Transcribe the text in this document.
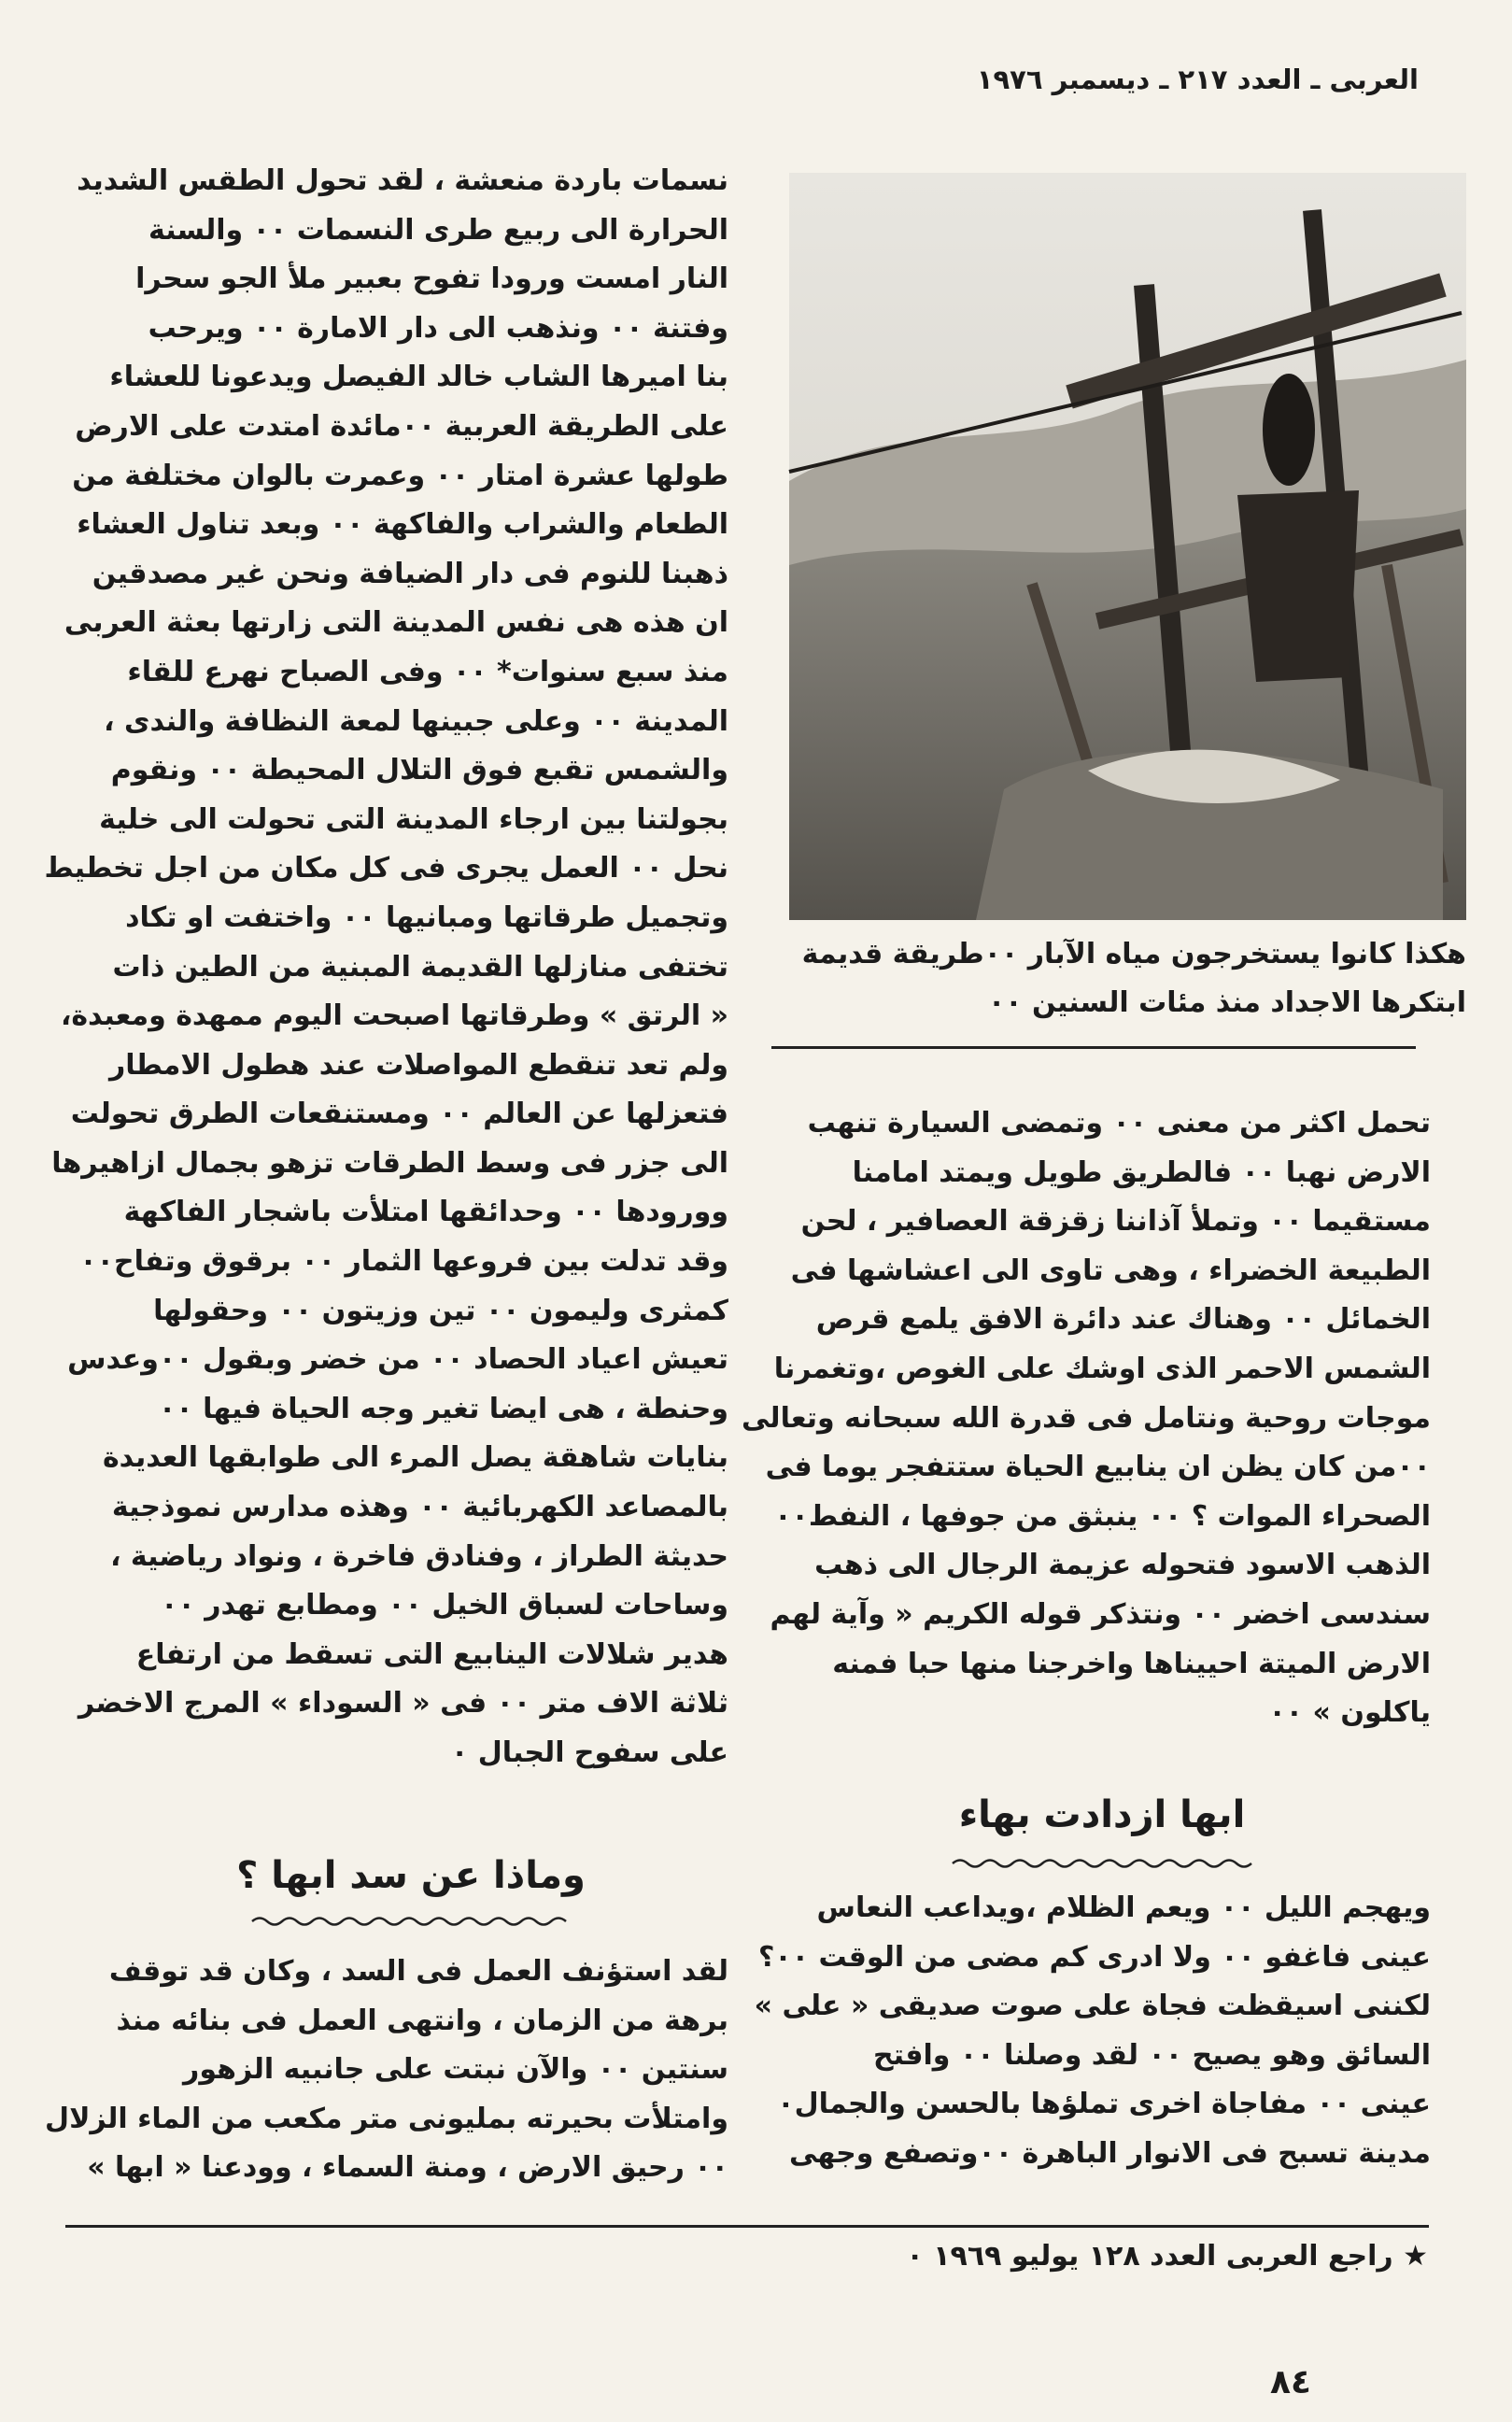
العربى ـ العدد ٢١٧ ـ ديسمبر ١٩٧٦
هكذا كانوا يستخرجون مياه الآبار ٠٠طريقة قديمة
ابتكرها الاجداد منذ مئات السنين ٠٠
نسمات باردة منعشة ، لقد تحول الطقس الشديد
الحرارة الى ربيع طرى النسمات ٠٠ والسنة
النار امست ورودا تفوح بعبير ملأ الجو سحرا
وفتنة ٠٠ ونذهب الى دار الامارة ٠٠ ويرحب
بنا اميرها الشاب خالد الفيصل ويدعونا للعشاء
على الطريقة العربية ٠٠مائدة امتدت على الارض
طولها عشرة امتار ٠٠ وعمرت بالوان مختلفة من
الطعام والشراب والفاكهة ٠٠ وبعد تناول العشاء
ذهبنا للنوم فى دار الضيافة ونحن غير مصدقين
ان هذه هى نفس المدينة التى زارتها بعثة العربى
منذ سبع سنوات* ٠٠ وفى الصباح نهرع للقاء
المدينة ٠٠ وعلى جبينها لمعة النظافة والندى ،
والشمس تقبع فوق التلال المحيطة ٠٠ ونقوم
بجولتنا بين ارجاء المدينة التى تحولت الى خلية
نحل ٠٠ العمل يجرى فى كل مكان من اجل تخطيط
وتجميل طرقاتها ومبانيها ٠٠ واختفت او تكاد
تختفى منازلها القديمة المبنية من الطين ذات
« الرتق » وطرقاتها اصبحت اليوم ممهدة ومعبدة،
ولم تعد تنقطع المواصلات عند هطول الامطار
فتعزلها عن العالم ٠٠ ومستنقعات الطرق تحولت
الى جزر فى وسط الطرقات تزهو بجمال ازاهيرها
وورودها ٠٠ وحدائقها امتلأت باشجار الفاكهة
وقد تدلت بين فروعها الثمار ٠٠ برقوق وتفاح٠٠
كمثرى وليمون ٠٠ تين وزيتون ٠٠ وحقولها
تعيش اعياد الحصاد ٠٠ من خضر وبقول ٠٠وعدس
وحنطة ، هى ايضا تغير وجه الحياة فيها ٠٠
بنايات شاهقة يصل المرء الى طوابقها العديدة
بالمصاعد الكهربائية ٠٠ وهذه مدارس نموذجية
حديثة الطراز ، وفنادق فاخرة ، ونواد رياضية ،
وساحات لسباق الخيل ٠٠ ومطابع تهدر ٠٠
هدير شلالات الينابيع التى تسقط من ارتفاع
ثلاثة الاف متر ٠٠ فى « السوداء » المرج الاخضر
على سفوح الجبال ٠
وماذا عن سد ابها ؟
لقد استؤنف العمل فى السد ، وكان قد توقف
برهة من الزمان ، وانتهى العمل فى بنائه منذ
سنتين ٠٠ والآن نبتت على جانبيه الزهور
وامتلأت بحيرته بمليونى متر مكعب من الماء الزلال
٠٠ رحيق الارض ، ومنة السماء ، وودعنا « ابها »
تحمل اكثر من معنى ٠٠ وتمضى السيارة تنهب
الارض نهبا ٠٠ فالطريق طويل ويمتد امامنا
مستقيما ٠٠ وتملأ آذاننا زقزقة العصافير ، لحن
الطبيعة الخضراء ، وهى تاوى الى اعشاشها فى
الخمائل ٠٠ وهناك عند دائرة الافق يلمع قرص
الشمس الاحمر الذى اوشك على الغوص ،وتغمرنا
موجات روحية ونتامل فى قدرة الله سبحانه وتعالى
٠٠من كان يظن ان ينابيع الحياة ستتفجر يوما فى
الصحراء الموات ؟ ٠٠ ينبثق من جوفها ، النفط٠٠
الذهب الاسود فتحوله عزيمة الرجال الى ذهب
سندسى اخضر ٠٠ ونتذكر قوله الكريم « وآية لهم
الارض الميتة احييناها واخرجنا منها حبا فمنه
ياكلون » ٠٠
ابها ازدادت بهاء
ويهجم الليل ٠٠ ويعم الظلام ،ويداعب النعاس
عينى فاغفو ٠٠ ولا ادرى كم مضى من الوقت ٠٠؟
لكننى اسيقظت فجاة على صوت صديقى « على »
السائق وهو يصيح ٠٠ لقد وصلنا ٠٠ وافتح
عينى ٠٠ مفاجاة اخرى تملؤها بالحسن والجمال٠
مدينة تسبح فى الانوار الباهرة ٠٠وتصفع وجهى
★ راجع العربى العدد ١٢٨ يوليو ١٩٦٩ ٠
٨٤
